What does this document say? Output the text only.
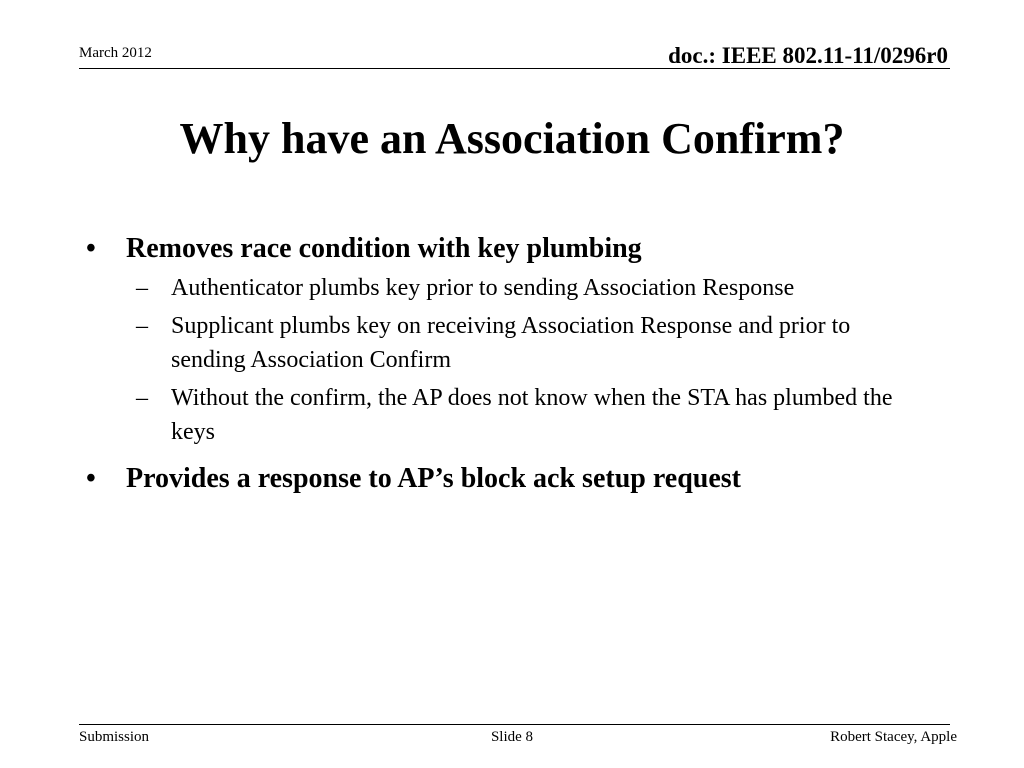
March 2012	doc.: IEEE 802.11-11/0296r0
Why have an Association Confirm?
•	Removes race condition with key plumbing
– Authenticator plumbs key prior to sending Association Response
– Supplicant plumbs key on receiving Association Response and prior to sending Association Confirm
– Without the confirm, the AP does not know when the STA has plumbed the keys
•	Provides a response to AP’s block ack setup request
Submission	Slide 8	Robert Stacey, Apple
